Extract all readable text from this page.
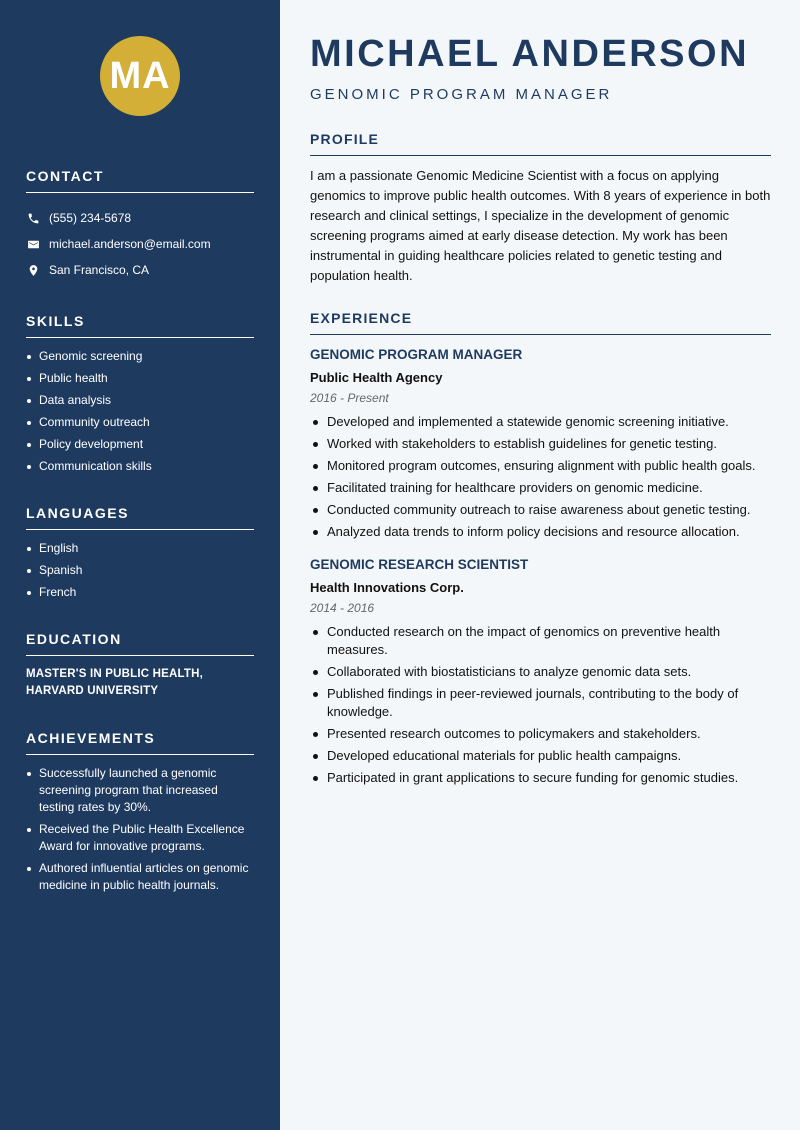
MA
CONTACT
(555) 234-5678
michael.anderson@email.com
San Francisco, CA
SKILLS
Genomic screening
Public health
Data analysis
Community outreach
Policy development
Communication skills
LANGUAGES
English
Spanish
French
EDUCATION
MASTER'S IN PUBLIC HEALTH, HARVARD UNIVERSITY
ACHIEVEMENTS
Successfully launched a genomic screening program that increased testing rates by 30%.
Received the Public Health Excellence Award for innovative programs.
Authored influential articles on genomic medicine in public health journals.
MICHAEL ANDERSON
GENOMIC PROGRAM MANAGER
PROFILE

I am a passionate Genomic Medicine Scientist with a focus on applying genomics to improve public health outcomes. With 8 years of experience in both research and clinical settings, I specialize in the development of genomic screening programs aimed at early disease detection. My work has been instrumental in guiding healthcare policies related to genetic testing and population health.

EXPERIENCE
GENOMIC PROGRAM MANAGER
Public Health Agency
2016 - Present
Developed and implemented a statewide genomic screening initiative.
Worked with stakeholders to establish guidelines for genetic testing.
Monitored program outcomes, ensuring alignment with public health goals.
Facilitated training for healthcare providers on genomic medicine.
Conducted community outreach to raise awareness about genetic testing.
Analyzed data trends to inform policy decisions and resource allocation.
GENOMIC RESEARCH SCIENTIST
Health Innovations Corp.
2014 - 2016
Conducted research on the impact of genomics on preventive health measures.
Collaborated with biostatisticians to analyze genomic data sets.
Published findings in peer-reviewed journals, contributing to the body of knowledge.
Presented research outcomes to policymakers and stakeholders.
Developed educational materials for public health campaigns.
Participated in grant applications to secure funding for genomic studies.
